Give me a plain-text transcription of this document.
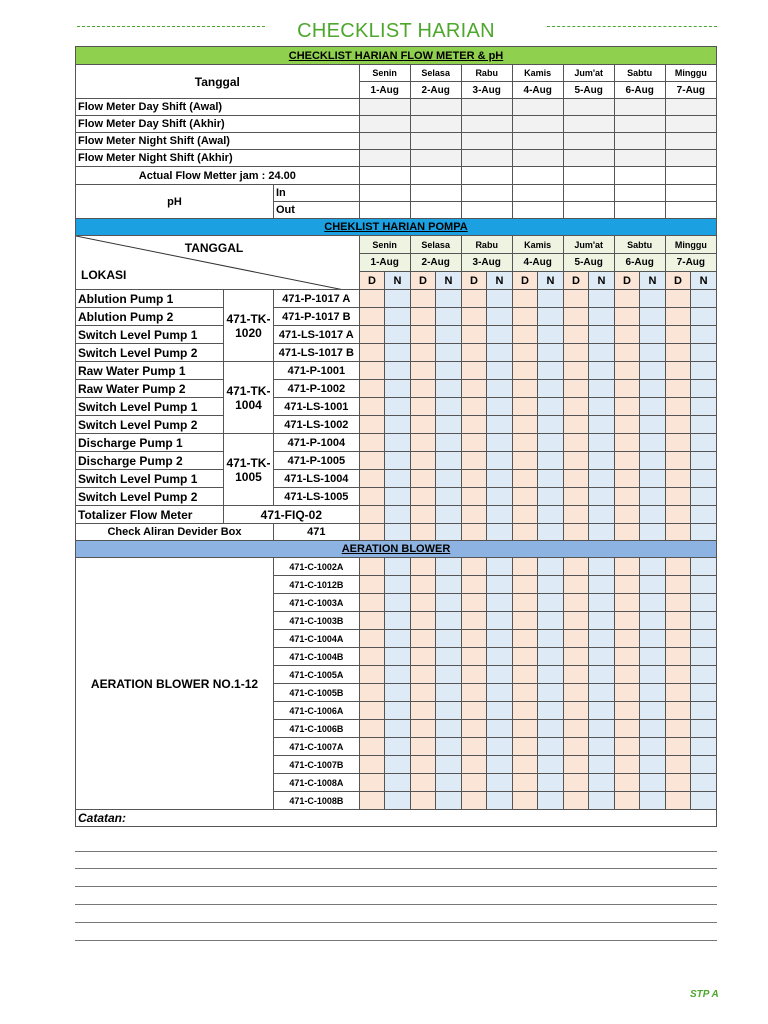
CHECKLIST HARIAN
CHECKLIST HARIAN FLOW METER & pH																
Tanggal			Senin		Selasa		Rabu		Kamis		Jum'at		Sabtu		Minggu	
			1-Aug		2-Aug		3-Aug		4-Aug		5-Aug		6-Aug		7-Aug	
Flow Meter Day Shift (Awal)																
Flow Meter Day Shift (Akhir)																
Flow Meter Night Shift (Awal)																
Flow Meter Night Shift (Akhir)																
Actual Flow Metter jam : 24.00																
pH		In														
		Out														
CHEKLIST HARIAN POMPA																

TANGGAL
LOKASI			Senin		Selasa		Rabu		Kamis		Jum'at		Sabtu		Minggu	
			1-Aug		2-Aug		3-Aug		4-Aug		5-Aug		6-Aug		7-Aug	
			D	N	D	N	D	N	D	N	D	N	D	N	D	N
Ablution Pump 1	471-TK-1020	471-P-1017 A														
Ablution Pump 2		471-P-1017 B														
Switch Level Pump 1		471-LS-1017 A														
Switch Level Pump 2		471-LS-1017 B														
Raw Water Pump 1	471-TK-1004	471-P-1001														
Raw Water Pump 2		471-P-1002														
Switch Level Pump 1		471-LS-1001														
Switch Level Pump 2		471-LS-1002														
Discharge Pump 1	471-TK-1005	471-P-1004														
Discharge Pump 2		471-P-1005														
Switch Level Pump 1		471-LS-1004														
Switch Level Pump 2		471-LS-1005														
Totalizer Flow Meter	471-FIQ-02															
Check Aliran Devider Box		471														
AERATION BLOWER																
AERATION BLOWER NO.1-12		471-C-1002A														
		471-C-1012B														
		471-C-1003A														
		471-C-1003B														
		471-C-1004A														
		471-C-1004B														
		471-C-1005A														
		471-C-1005B														
		471-C-1006A														
		471-C-1006B														
		471-C-1007A														
		471-C-1007B														
		471-C-1008A														
		471-C-1008B														
Catatan:																
STP A
